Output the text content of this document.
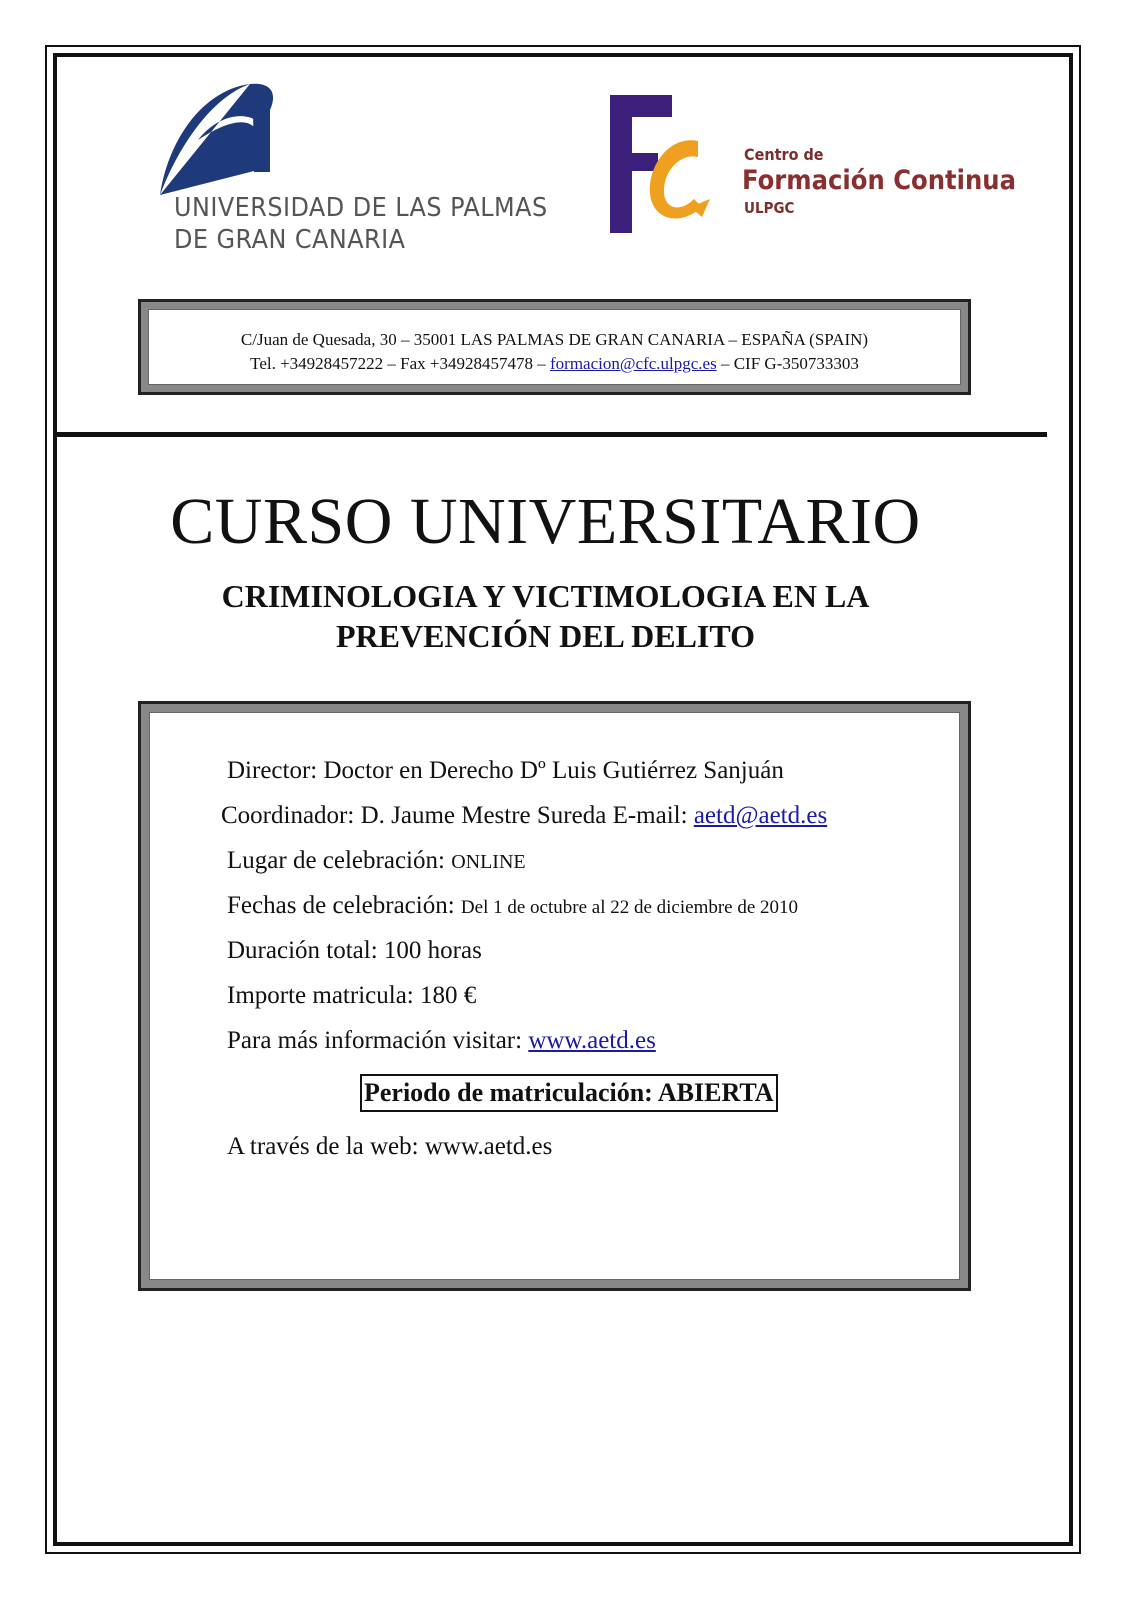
UNIVERSIDAD DE LAS PALMAS
DE GRAN CANARIA
Centro de
Formación Continua
ULPGC
C/Juan de Quesada, 30 – 35001 LAS PALMAS DE GRAN CANARIA – ESPAÑA (SPAIN)
Tel. +34928457222 – Fax +34928457478 – formacion@cfc.ulpgc.es – CIF G-350733303
CURSO UNIVERSITARIO
CRIMINOLOGIA Y VICTIMOLOGIA EN LA
PREVENCIÓN DEL DELITO
Director: Doctor en Derecho Dº Luis Gutiérrez Sanjuán
Coordinador: D. Jaume Mestre Sureda E-mail: aetd@aetd.es
Lugar de celebración: ONLINE
Fechas de celebración: Del 1 de octubre al 22 de diciembre de 2010
Duración total: 100 horas
Importe matricula: 180 €
Para más información visitar: www.aetd.es
Periodo de matriculación: ABIERTA
A través de la web: www.aetd.es
